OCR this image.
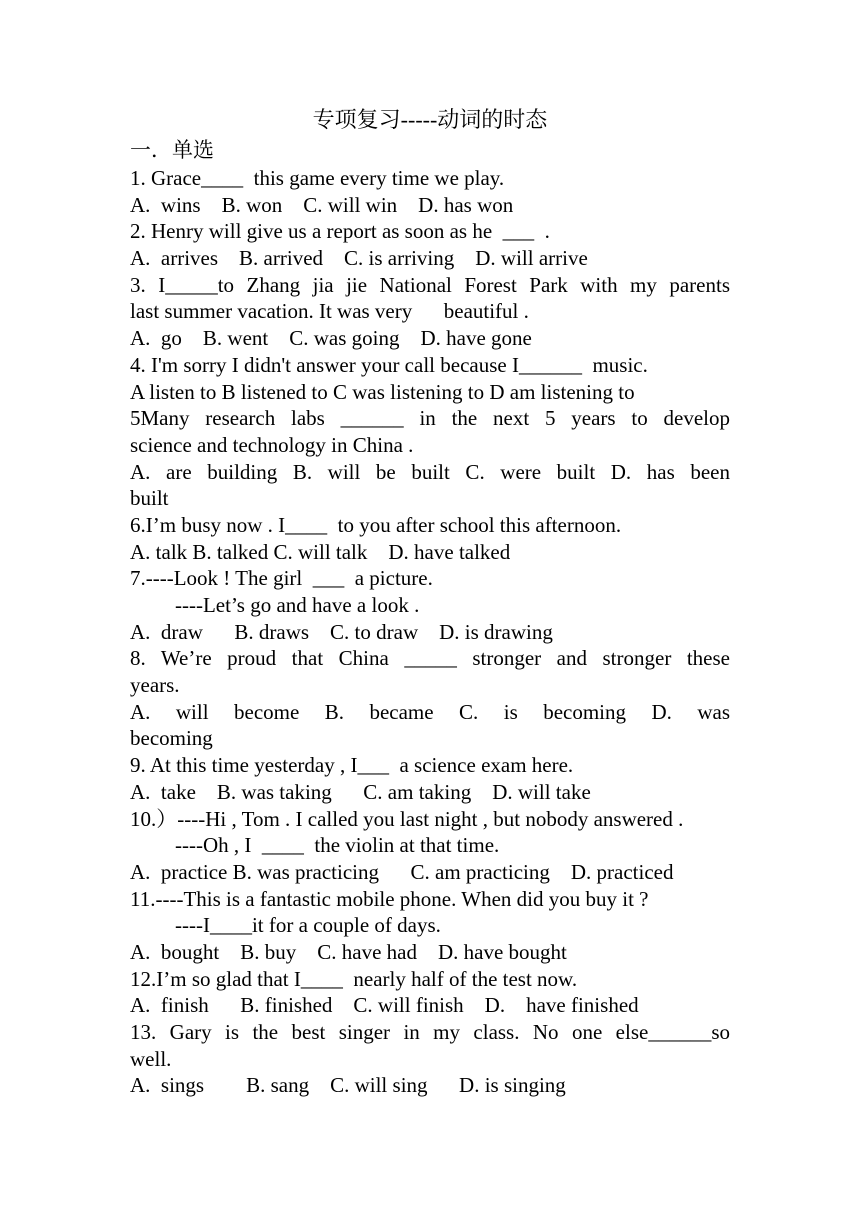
专项复习-----动词的时态
一．单选
1. Grace____  this game every time we play.
A.  wins    B. won    C. will win    D. has won
2. Henry will give us a report as soon as he  ___  .
A.  arrives    B. arrived    C. is arriving    D. will arrive
3. I_____to Zhang jia jie National Forest Park with my parents
last summer vacation. It was very      beautiful .
A.  go    B. went    C. was going    D. have gone
4. I'm sorry I didn't answer your call because I______  music.
A listen to B listened to C was listening to D am listening to
5Many research labs ______ in the next 5 years to develop
science and technology in China .
A. are building B. will be built C. were built D. has been
built
6.I’m busy now . I____  to you after school this afternoon.
A. talk B. talked C. will talk    D. have talked
7.----Look ! The girl  ___  a picture.
----Let’s go and have a look .
A.  draw      B. draws    C. to draw    D. is drawing
8. We’re proud that China _____ stronger and stronger these
years.
A. will become B. became C. is becoming D. was
becoming
9. At this time yesterday , I___  a science exam here.
A.  take    B. was taking      C. am taking    D. will take
10.）----Hi , Tom . I called you last night , but nobody answered .
----Oh , I  ____  the violin at that time.
A.  practice B. was practicing      C. am practicing    D. practiced
11.----This is a fantastic mobile phone. When did you buy it ?
----I____it for a couple of days.
A.  bought    B. buy    C. have had    D. have bought
12.I’m so glad that I____  nearly half of the test now.
A.  finish      B. finished    C. will finish    D.    have finished
13. Gary is the best singer in my class. No one else______so
well.
A.  sings        B. sang    C. will sing      D. is singing
